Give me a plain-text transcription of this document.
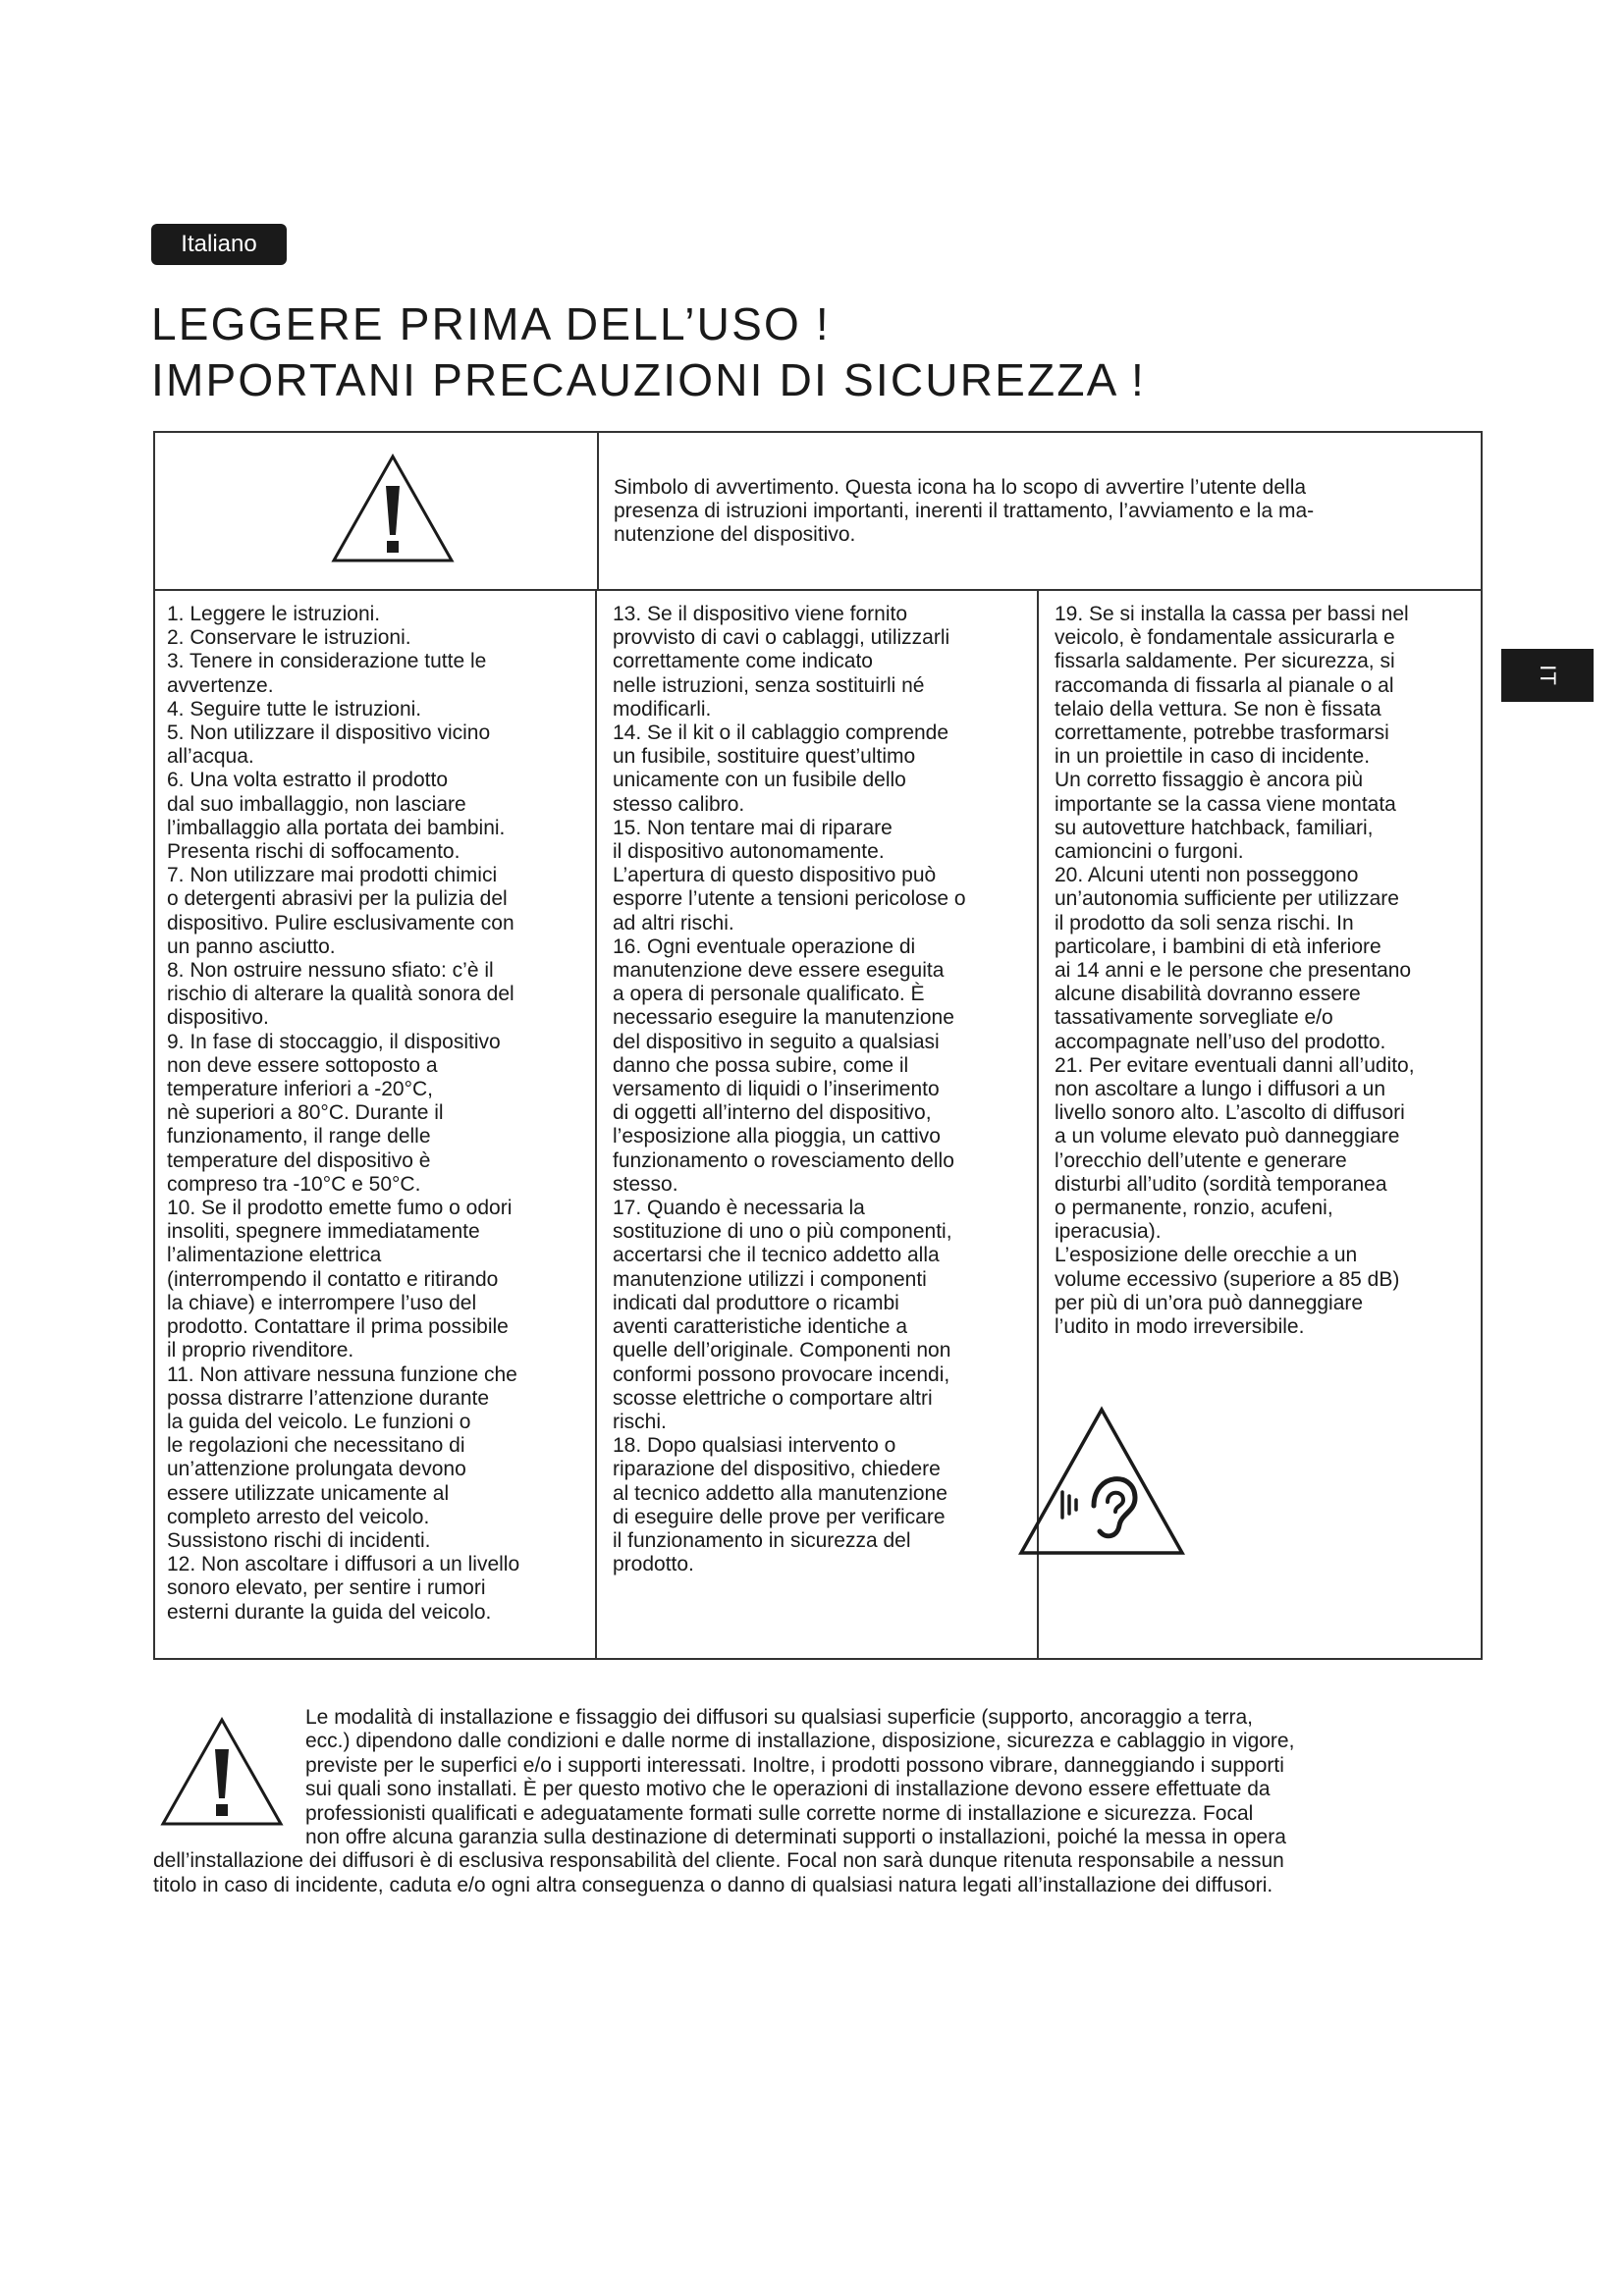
Italiano
IT
LEGGERE PRIMA DELL’USO !
IMPORTANI PRECAUZIONI DI SICUREZZA !
Simbolo di avvertimento. Questa icona ha lo scopo di avvertire l’utente della
presenza di istruzioni importanti, inerenti il trattamento, l’avviamento e la ma-
nutenzione del dispositivo.
1. Leggere le istruzioni.
2. Conservare le istruzioni.
3. Tenere in considerazione tutte le
avvertenze.
4. Seguire tutte le istruzioni.
5. Non utilizzare il dispositivo vicino
all’acqua.
6. Una volta estratto il prodotto
dal suo imballaggio, non lasciare
l’imballaggio alla portata dei bambini.
Presenta rischi di soffocamento.
7. Non utilizzare mai prodotti chimici
o detergenti abrasivi per la pulizia del
dispositivo. Pulire esclusivamente con
un panno asciutto.
8. Non ostruire nessuno sfiato: c’è il
rischio di alterare la qualità sonora del
dispositivo.
9. In fase di stoccaggio, il dispositivo
non deve essere sottoposto a
temperature inferiori a -20°C,
nè superiori a 80°C. Durante il
funzionamento, il range delle
temperature del dispositivo è
compreso tra -10°C e 50°C.
10. Se il prodotto emette fumo o odori
insoliti, spegnere immediatamente
l’alimentazione elettrica
(interrompendo il contatto e ritirando
la chiave) e interrompere l’uso del
prodotto. Contattare il prima possibile
il proprio rivenditore.
11. Non attivare nessuna funzione che
possa distrarre l’attenzione durante
la guida del veicolo. Le funzioni o
le regolazioni che necessitano di
un’attenzione prolungata devono
essere utilizzate unicamente al
completo arresto del veicolo.
Sussistono rischi di incidenti.
12. Non ascoltare i diffusori a un livello
sonoro elevato, per sentire i rumori
esterni durante la guida del veicolo.
13. Se il dispositivo viene fornito
provvisto di cavi o cablaggi, utilizzarli
correttamente come indicato
nelle istruzioni, senza sostituirli né
modificarli.
14. Se il kit o il cablaggio comprende
un fusibile, sostituire quest’ultimo
unicamente con un fusibile dello
stesso calibro.
15. Non tentare mai di riparare
il dispositivo autonomamente.
L’apertura di questo dispositivo può
esporre l’utente a tensioni pericolose o
ad altri rischi.
16. Ogni eventuale operazione di
manutenzione deve essere eseguita
a opera di personale qualificato. È
necessario eseguire la manutenzione
del dispositivo in seguito a qualsiasi
danno che possa subire, come il
versamento di liquidi o l’inserimento
di oggetti all’interno del dispositivo,
l’esposizione alla pioggia, un cattivo
funzionamento o rovesciamento dello
stesso.
17. Quando è necessaria la
sostituzione di uno o più componenti,
accertarsi che il tecnico addetto alla
manutenzione utilizzi i componenti
indicati dal produttore o ricambi
aventi caratteristiche identiche a
quelle dell’originale. Componenti non
conformi possono provocare incendi,
scosse elettriche o comportare altri
rischi.
18. Dopo qualsiasi intervento o
riparazione del dispositivo, chiedere
al tecnico addetto alla manutenzione
di eseguire delle prove per verificare
il funzionamento in sicurezza del
prodotto.
19. Se si installa la cassa per bassi nel
veicolo, è fondamentale assicurarla e
fissarla saldamente. Per sicurezza, si
raccomanda di fissarla al pianale o al
telaio della vettura. Se non è fissata
correttamente, potrebbe trasformarsi
in un proiettile in caso di incidente.
Un corretto fissaggio è ancora più
importante se la cassa viene montata
su autovetture hatchback, familiari,
camioncini o furgoni.
20. Alcuni utenti non posseggono
un’autonomia sufficiente per utilizzare
il prodotto da soli senza rischi. In
particolare, i bambini di età inferiore
ai 14 anni e le persone che presentano
alcune disabilità dovranno essere
tassativamente sorvegliate e/o
accompagnate nell’uso del prodotto.
21. Per evitare eventuali danni all’udito,
non ascoltare a lungo i diffusori a un
livello sonoro alto. L’ascolto di diffusori
a un volume elevato può danneggiare
l’orecchio dell’utente e generare
disturbi all’udito (sordità temporanea
o permanente, ronzio, acufeni,
iperacusia).
L’esposizione delle orecchie a un
volume eccessivo (superiore a 85 dB)
per più di un’ora può danneggiare
l’udito in modo irreversibile.
Le modalità di installazione e fissaggio dei diffusori su qualsiasi superficie (supporto, ancoraggio a terra,
ecc.) dipendono dalle condizioni e dalle norme di installazione, disposizione, sicurezza e cablaggio in vigore,
previste per le superfici e/o i supporti interessati. Inoltre, i prodotti possono vibrare, danneggiando i supporti
sui quali sono installati. È per questo motivo che le operazioni di installazione devono essere effettuate da
professionisti qualificati e adeguatamente formati sulle corrette norme di installazione e sicurezza. Focal
non offre alcuna garanzia sulla destinazione di determinati supporti o installazioni, poiché la messa in opera
dell’installazione dei diffusori è di esclusiva responsabilità del cliente. Focal non sarà dunque ritenuta responsabile a nessun
titolo in caso di incidente, caduta e/o ogni altra conseguenza o danno di qualsiasi natura legati all’installazione dei diffusori.
